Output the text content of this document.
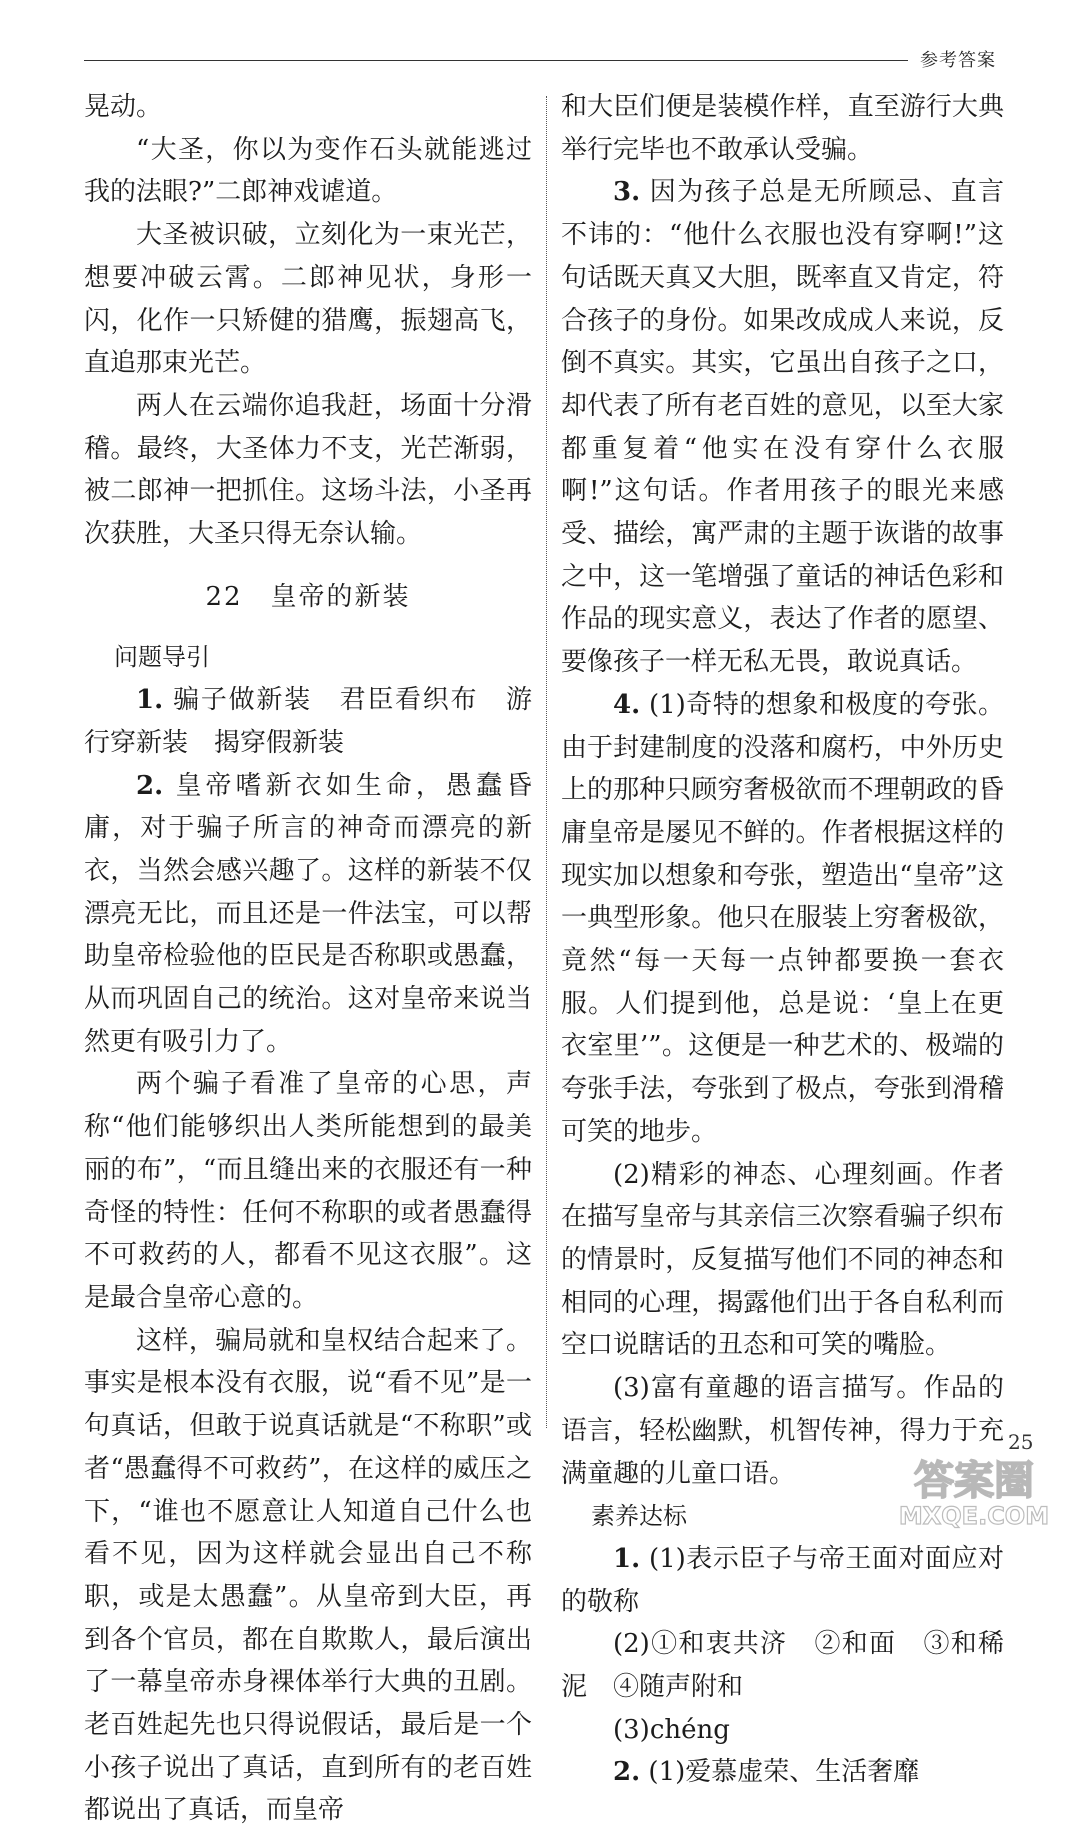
参考答案

晃动。

“大圣，你以为变作石头就能逃过我的法眼?”二郎神戏谑道。

大圣被识破，立刻化为一束光芒，想要冲破云霄。二郎神见状，身形一闪，化作一只矫健的猎鹰，振翅高飞，直追那束光芒。

两人在云端你追我赶，场面十分滑稽。最终，大圣体力不支，光芒渐弱，被二郎神一把抓住。这场斗法，小圣再次获胜，大圣只得无奈认输。

22　皇帝的新装

问题导引

1. 骗子做新装　君臣看织布　游行穿新装　揭穿假新装

2. 皇帝嗜新衣如生命，愚蠢昏庸，对于骗子所言的神奇而漂亮的新衣，当然会感兴趣了。这样的新装不仅漂亮无比，而且还是一件法宝，可以帮助皇帝检验他的臣民是否称职或愚蠢，从而巩固自己的统治。这对皇帝来说当然更有吸引力了。

两个骗子看准了皇帝的心思，声称“他们能够织出人类所能想到的最美丽的布”，“而且缝出来的衣服还有一种奇怪的特性：任何不称职的或者愚蠢得不可救药的人，都看不见这衣服”。这是最合皇帝心意的。

这样，骗局就和皇权结合起来了。事实是根本没有衣服，说“看不见”是一句真话，但敢于说真话就是“不称职”或者“愚蠢得不可救药”，在这样的威压之下，“谁也不愿意让人知道自己什么也看不见，因为这样就会显出自己不称职，或是太愚蠢”。从皇帝到大臣，再到各个官员，都在自欺欺人，最后演出了一幕皇帝赤身裸体举行大典的丑剧。老百姓起先也只得说假话，最后是一个小孩子说出了真话，直到所有的老百姓都说出了真话，而皇帝

和大臣们便是装模作样，直至游行大典举行完毕也不敢承认受骗。

3. 因为孩子总是无所顾忌、直言不讳的：“他什么衣服也没有穿啊!”这句话既天真又大胆，既率直又肯定，符合孩子的身份。如果改成成人来说，反倒不真实。其实，它虽出自孩子之口，却代表了所有老百姓的意见，以至大家都重复着“他实在没有穿什么衣服啊!”这句话。作者用孩子的眼光来感受、描绘，寓严肃的主题于诙谐的故事之中，这一笔增强了童话的神话色彩和作品的现实意义，表达了作者的愿望、要像孩子一样无私无畏，敢说真话。

4. (1)奇特的想象和极度的夸张。由于封建制度的没落和腐朽，中外历史上的那种只顾穷奢极欲而不理朝政的昏庸皇帝是屡见不鲜的。作者根据这样的现实加以想象和夸张，塑造出“皇帝”这一典型形象。他只在服装上穷奢极欲，竟然“每一天每一点钟都要换一套衣服。人们提到他，总是说：‘皇上在更衣室里’”。这便是一种艺术的、极端的夸张手法，夸张到了极点，夸张到滑稽可笑的地步。

(2)精彩的神态、心理刻画。作者在描写皇帝与其亲信三次察看骗子织布的情景时，反复描写他们不同的神态和相同的心理，揭露他们出于各自私利而空口说瞎话的丑态和可笑的嘴脸。

(3)富有童趣的语言描写。作品的语言，轻松幽默，机智传神，得力于充满童趣的儿童口语。

素养达标

1. (1)表示臣子与帝王面对面应对的敬称

(2)①和衷共济　②和面　③和稀泥　④随声附和

(3)chéng

2. (1)爱慕虚荣、生活奢靡

25
答案圈
MXQE.COM
